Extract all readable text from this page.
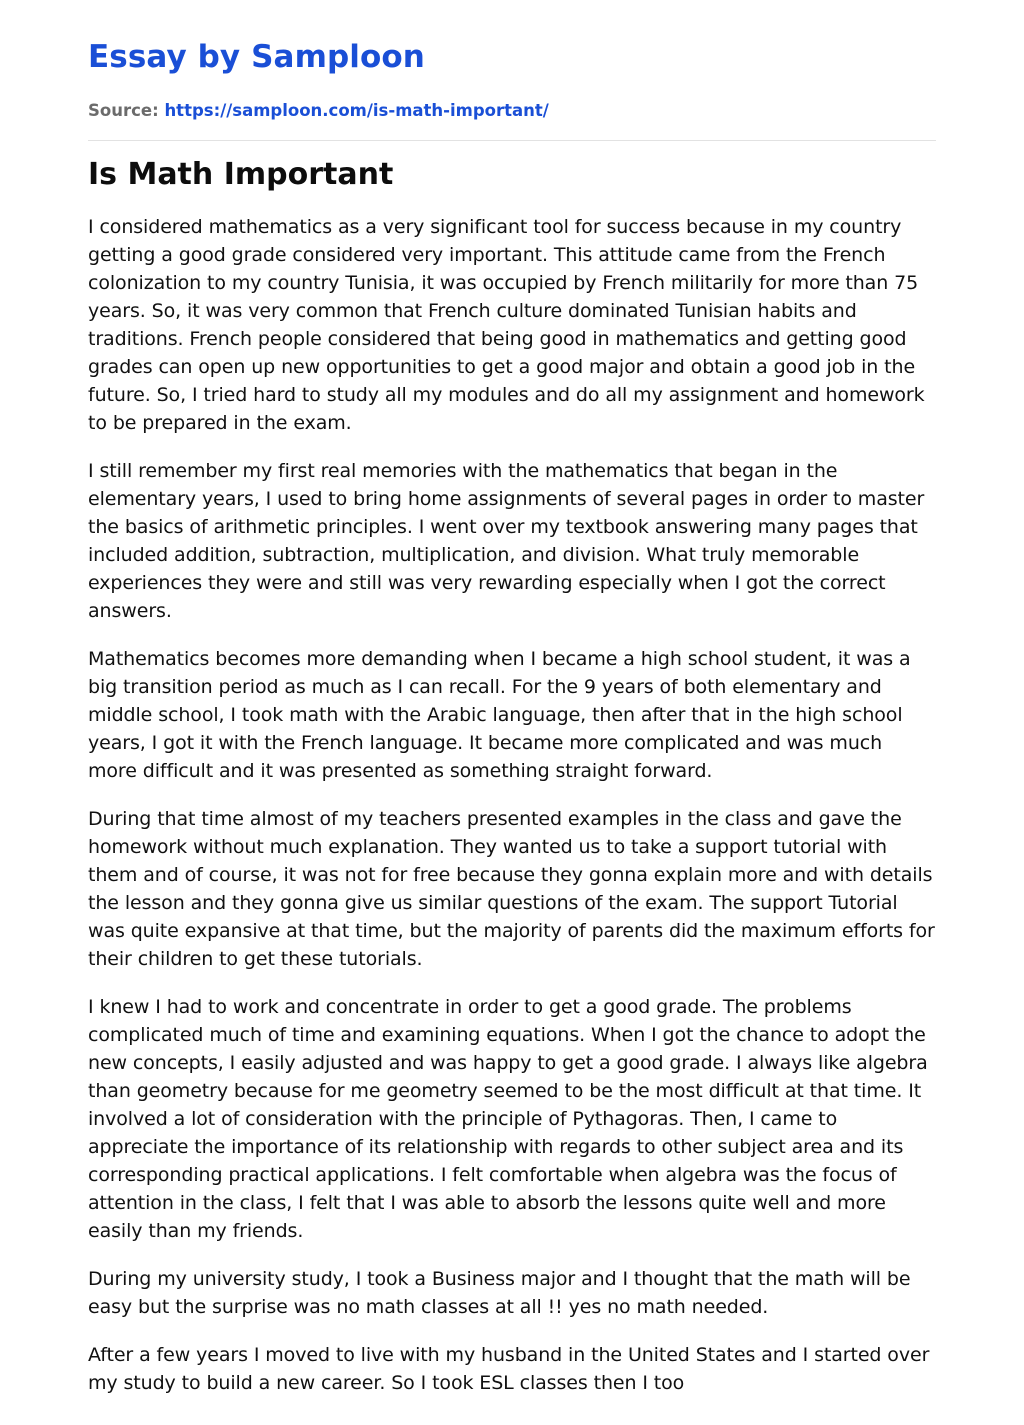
Essay by Samploon
Source: https://samploon.com/is-math-important/
Is Math Important

I considered mathematics as a very significant tool for success because in my country getting a good grade considered very important. This attitude came from the French colonization to my country Tunisia, it was occupied by French militarily for more than 75 years. So, it was very common that French culture dominated Tunisian habits and traditions. French people considered that being good in mathematics and getting good grades can open up new opportunities to get a good major and obtain a good job in the future. So, I tried hard to study all my modules and do all my assignment and homework to be prepared in the exam.

I still remember my first real memories with the mathematics that began in the elementary years, I used to bring home assignments of several pages in order to master the basics of arithmetic principles. I went over my textbook answering many pages that included addition, subtraction, multiplication, and division. What truly memorable experiences they were and still was very rewarding especially when I got the correct answers.

Mathematics becomes more demanding when I became a high school student, it was a big transition period as much as I can recall. For the 9 years of both elementary and middle school, I took math with the Arabic language, then after that in the high school years, I got it with the French language. It became more complicated and was much more difficult and it was presented as something straight forward.

During that time almost of my teachers presented examples in the class and gave the homework without much explanation. They wanted us to take a support tutorial with them and of course, it was not for free because they gonna explain more and with details the lesson and they gonna give us similar questions of the exam. The support Tutorial was quite expansive at that time, but the majority of parents did the maximum efforts for their children to get these tutorials.

I knew I had to work and concentrate in order to get a good grade. The problems complicated much of time and examining equations. When I got the chance to adopt the new concepts, I easily adjusted and was happy to get a good grade. I always like algebra than geometry because for me geometry seemed to be the most difficult at that time. It involved a lot of consideration with the principle of Pythagoras. Then, I came to appreciate the importance of its relationship with regards to other subject area and its corresponding practical applications. I felt comfortable when algebra was the focus of attention in the class, I felt that I was able to absorb the lessons quite well and more easily than my friends.

During my university study, I took a Business major and I thought that the math will be easy but the surprise was no math classes at all !! yes no math needed.

After a few years I moved to live with my husband in the United States and I started over my study to build a new career. So I took ESL classes then I too
